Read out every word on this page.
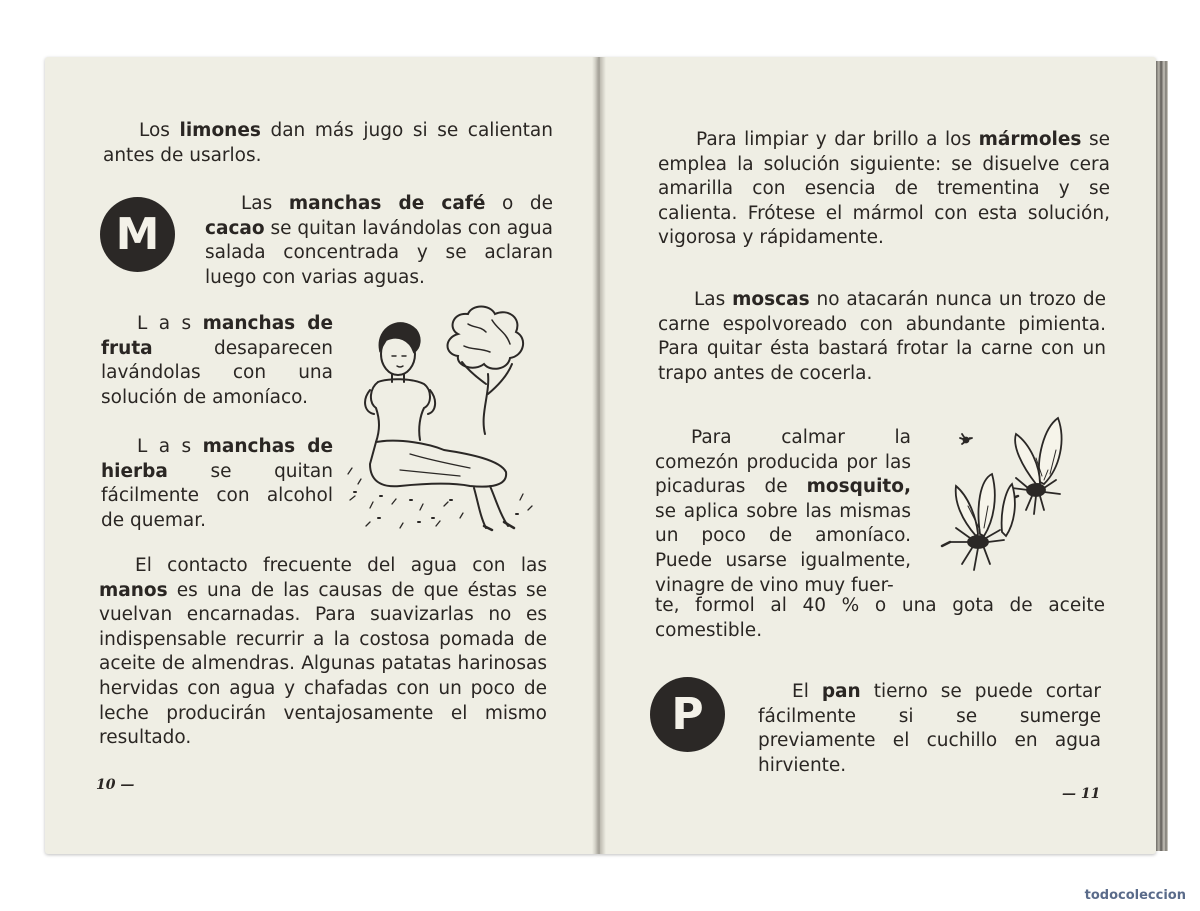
Los limones dan más jugo si se calientan antes de usarlos.
M
Las manchas de café o de cacao se quitan lavándolas con agua salada concentrada y se aclaran luego con varias aguas.
L a s manchas de fruta desaparecen lavándolas con una solución de amoníaco.
L a s manchas de hierba se quitan fácilmente con alcohol de quemar.
El contacto frecuente del agua con las manos es una de las causas de que éstas se vuelvan encarnadas. Para suavizarlas no es indispensable recurrir a la costosa pomada de aceite de almendras. Algunas patatas harinosas hervidas con agua y chafadas con un poco de leche producirán ventajosamente el mismo resultado.
10 —
Para limpiar y dar brillo a los mármoles se emplea la solución siguiente: se disuelve cera amarilla con esencia de trementina y se calienta. Frótese el mármol con esta solución, vigorosa y rápidamente.
Las moscas no atacarán nunca un trozo de carne espolvoreado con abundante pimienta. Para quitar ésta bastará frotar la carne con un trapo antes de cocerla.
Para calmar la comezón producida por las picaduras de mosquito, se aplica sobre las mismas un poco de amoníaco. Puede usarse igualmente, vinagre de vino muy fuer-
te, formol al 40 % o una gota de aceite comestible.
P	El pan tierno se puede cortar fácilmente si se sumerge previamente el cuchillo en agua hirviente.
— 11
todocoleccion
